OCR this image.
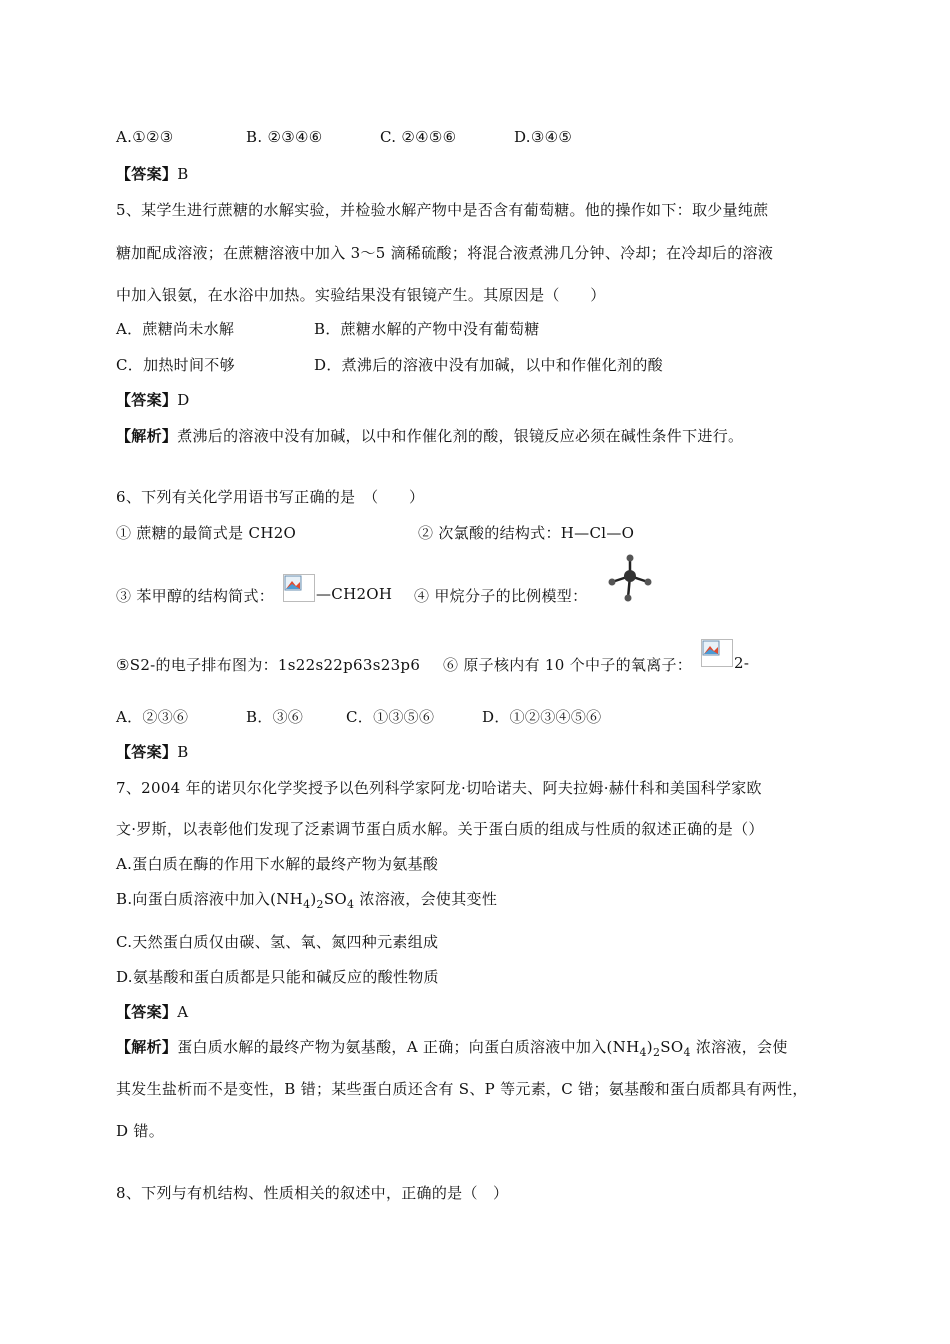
A.①②③	B. ②③④⑥	C. ②④⑤⑥	D.③④⑤
【答案】B
5、某学生进行蔗糖的水解实验，并检验水解产物中是否含有葡萄糖。他的操作如下：取少量纯蔗
糖加配成溶液；在蔗糖溶液中加入 3～5 滴稀硫酸；将混合液煮沸几分钟、冷却；在冷却后的溶液
中加入银氨，在水浴中加热。实验结果没有银镜产生。其原因是（　　）
A．蔗糖尚未水解	B．蔗糖水解的产物中没有葡萄糖
C．加热时间不够	D．煮沸后的溶液中没有加碱，以中和作催化剂的酸
【答案】D
【解析】煮沸后的溶液中没有加碱，以中和作催化剂的酸，银镜反应必须在碱性条件下进行。
6、下列有关化学用语书写正确的是　（　　）
① 蔗糖的最简式是 CH2O	② 次氯酸的结构式：H—Cl—O
③ 苯甲醇的结构简式：	—CH2OH ④ 甲烷分子的比例模型：
⑤S2-的电子排布图为：1s22s22p63s23p6 ⑥ 原子核内有 10 个中子的氧离子：	2-
A．②③⑥	B．③⑥	C．①③⑤⑥	D．①②③④⑤⑥
【答案】B
7、2004 年的诺贝尔化学奖授予以色列科学家阿龙·切哈诺夫、阿夫拉姆·赫什科和美国科学家欧
文·罗斯，以表彰他们发现了泛素调节蛋白质水解。关于蛋白质的组成与性质的叙述正确的是（）
A.蛋白质在酶的作用下水解的最终产物为氨基酸
B.向蛋白质溶液中加入$(NH_4)_2SO_4$ 浓溶液，会使其变性
C.天然蛋白质仅由碳、氢、氧、氮四种元素组成
D.氨基酸和蛋白质都是只能和碱反应的酸性物质
【答案】A
【解析】蛋白质水解的最终产物为氨基酸，A 正确；向蛋白质溶液中加入$(NH_4)_2SO_4$ 浓溶液，会使
其发生盐析而不是变性，B 错；某些蛋白质还含有 S、P 等元素，C 错；氨基酸和蛋白质都具有两性，
D 错。
8、下列与有机结构、性质相关的叙述中，正确的是（　）
